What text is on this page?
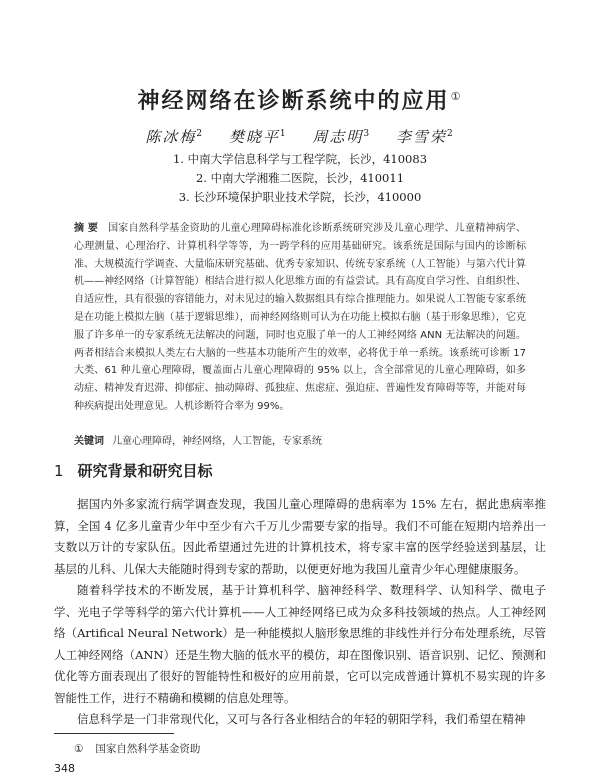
神经网络在诊断系统中的应用①
陈冰梅$^2$ 樊晓平$^1$ 周志明$^3$ 李雪荣$^2$
1. 中南大学信息科学与工程学院，长沙，410083
2. 中南大学湘雅二医院，长沙，410011
3. 长沙环境保护职业技术学院，长沙，410000
摘 要 国家自然科学基金资助的儿童心理障碍标准化诊断系统研究涉及儿童心理学、儿童精神病学、心理测量、心理治疗、计算机科学等等，为一跨学科的应用基础研究。该系统是国际与国内的诊断标准、大规模流行学调查、大量临床研究基础、优秀专家知识、传统专家系统（人工智能）与第六代计算机——神经网络（计算智能）相结合进行拟人化思维方面的有益尝试。具有高度自学习性、自组织性、自适应性，具有很强的容错能力，对未见过的输入数据组具有综合推理能力。如果说人工智能专家系统是在功能上模拟左脑（基于逻辑思维），而神经网络则可认为在功能上模拟右脑（基于形象思维），它克服了许多单一的专家系统无法解决的问题，同时也克服了单一的人工神经网络 ANN 无法解决的问题。两者相结合来模拟人类左右大脑的一些基本功能所产生的效率，必将优于单一系统。该系统可诊断 17 大类、61 种儿童心理障碍，覆盖面占儿童心理障碍的 95% 以上，含全部常见的儿童心理障碍，如多动症、精神发育迟滞、抑郁症、抽动障碍、孤独症、焦虑症、强迫症、普遍性发育障碍等等，并能对每种疾病提出处理意见。人机诊断符合率为 99%。
关键词 儿童心理障碍，神经网络，人工智能，专家系统
1 研究背景和研究目标

据国内外多家流行病学调查发现，我国儿童心理障碍的患病率为 15% 左右，据此患病率推算，全国 4 亿多儿童青少年中至少有六千万儿少需要专家的指导。我们不可能在短期内培养出一支数以万计的专家队伍。因此希望通过先进的计算机技术，将专家丰富的医学经验送到基层，让基层的儿科、儿保大夫能随时得到专家的帮助，以便更好地为我国儿童青少年心理健康服务。

随着科学技术的不断发展，基于计算机科学、脑神经科学、数理科学、认知科学、微电子学、光电子学等科学的第六代计算机——人工神经网络已成为众多科技领域的热点。人工神经网络（Artifical Neural Network）是一种能模拟人脑形象思维的非线性并行分布处理系统，尽管人工神经网络（ANN）还是生物大脑的低水平的模仿，却在图像识别、语音识别、记忆、预测和优化等方面表现出了很好的智能特性和极好的应用前景，它可以完成普通计算机不易实现的许多智能性工作，进行不精确和模糊的信息处理等。

信息科学是一门非常现代化，又可与各行各业相结合的年轻的朝阳学科，我们希望在精神

① 国家自然科学基金资助
348
